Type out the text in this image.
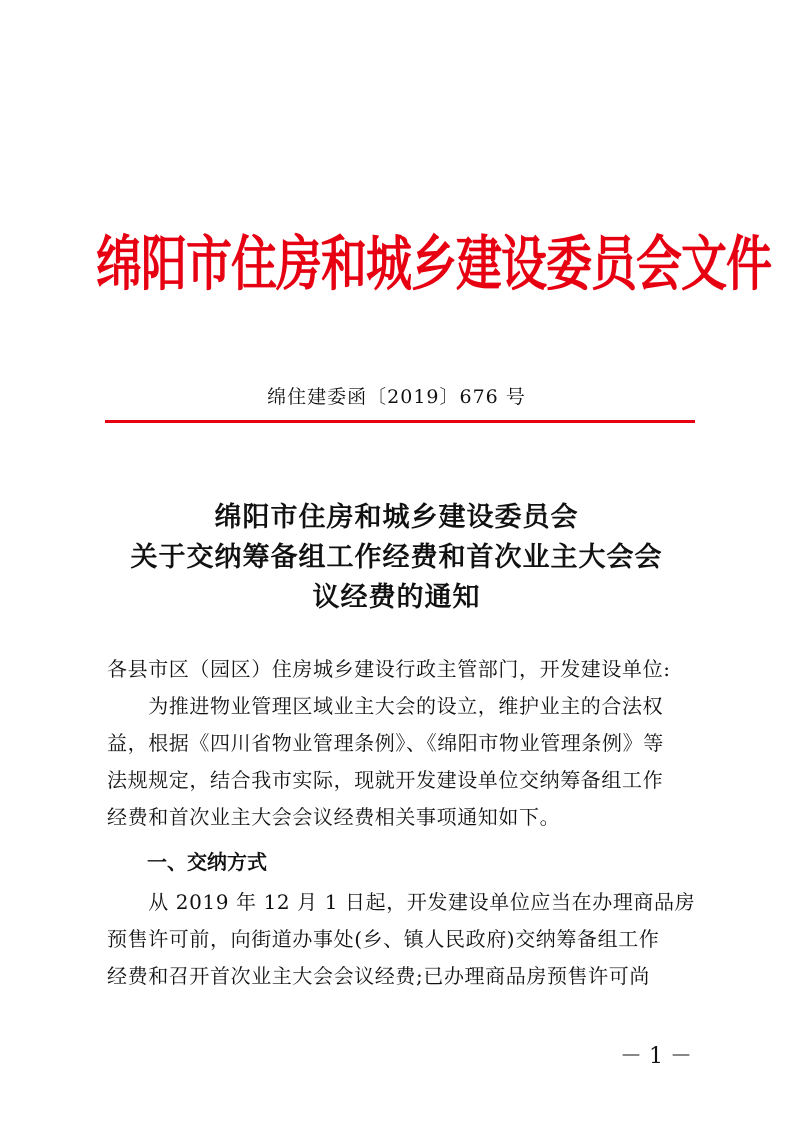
绵阳市住房和城乡建设委员会文件
绵住建委函〔2019〕676 号
绵阳市住房和城乡建设委员会
关于交纳筹备组工作经费和首次业主大会会
议经费的通知
各县市区（园区）住房城乡建设行政主管部门，开发建设单位:
　　为推进物业管理区域业主大会的设立，维护业主的合法权
益，根据《四川省物业管理条例》、《绵阳市物业管理条例》等
法规规定，结合我市实际，现就开发建设单位交纳筹备组工作
经费和首次业主大会会议经费相关事项通知如下。
一、交纳方式
　　从 2019 年 12 月 1 日起，开发建设单位应当在办理商品房
预售许可前，向街道办事处(乡、镇人民政府)交纳筹备组工作
经费和召开首次业主大会会议经费;已办理商品房预售许可尚
－ 1 －
